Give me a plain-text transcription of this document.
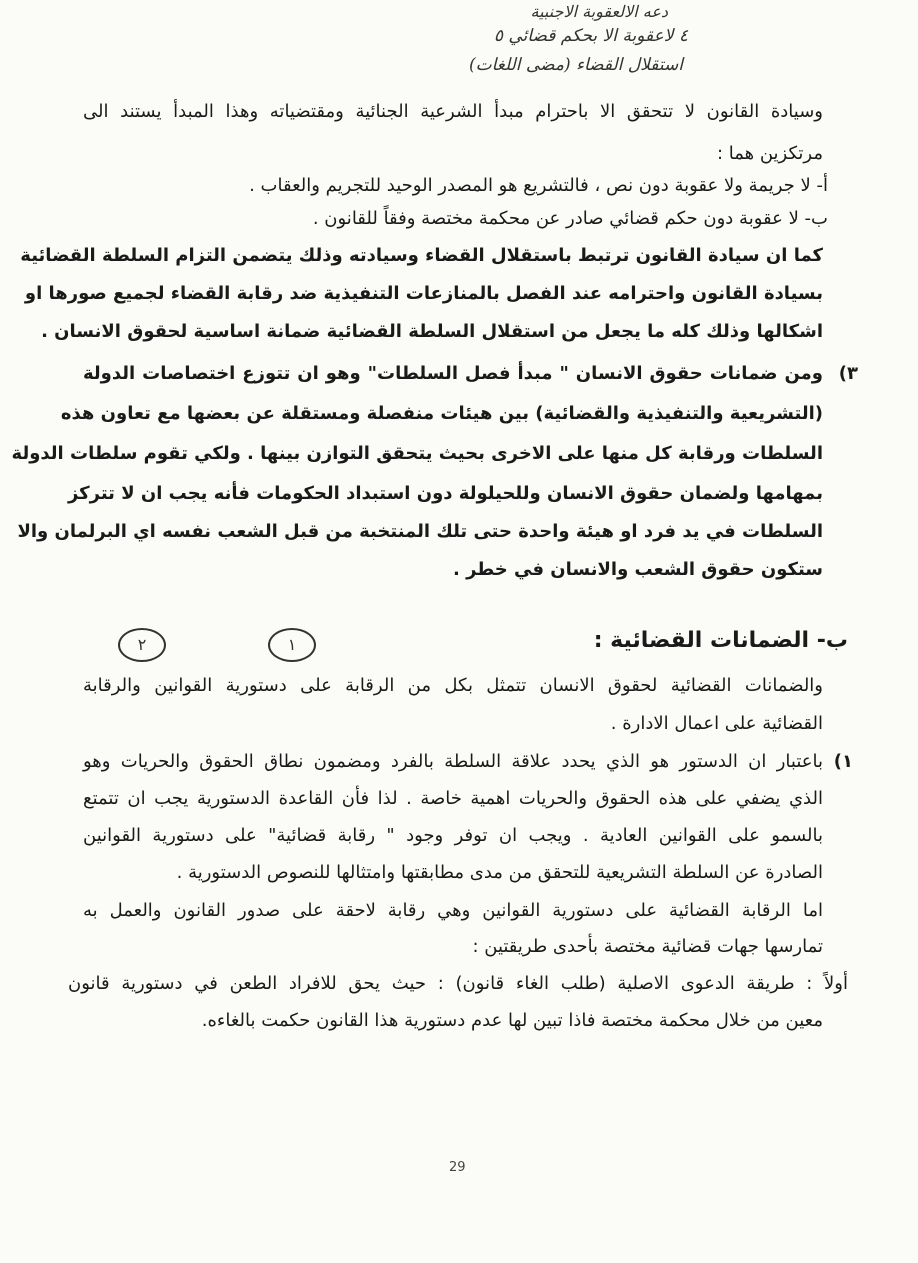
دعه الالعقوبة الاجنبية
٤ لاعقوبة الا بحكم قضائي ٥
استقلال القضاء (مضى اللغات)
وسيادة القانون لا تتحقق الا باحترام مبدأ الشرعية الجنائية ومقتضياته وهذا المبدأ يستند الى
مرتكزين هما :
أ- لا جريمة ولا عقوبة دون نص ، فالتشريع هو المصدر الوحيد للتجريم والعقاب .
ب- لا عقوبة دون حكم قضائي صادر عن محكمة مختصة وفقاً للقانون .
كما ان سيادة القانون ترتبط باستقلال القضاء وسيادته وذلك يتضمن التزام السلطة القضائية
بسيادة القانون واحترامه عند الفصل بالمنازعات التنفيذية ضد رقابة القضاء لجميع صورها او
اشكالها وذلك كله ما يجعل من استقلال السلطة القضائية ضمانة اساسية لحقوق الانسان .
٣)
ومن ضمانات حقوق الانسان " مبدأ فصل السلطات" وهو ان تتوزع اختصاصات الدولة
(التشريعية والتنفيذية والقضائية) بين هيئات منفصلة ومستقلة عن بعضها مع تعاون هذه
السلطات ورقابة كل منها على الاخرى بحيث يتحقق التوازن بينها . ولكي تقوم سلطات الدولة
بمهامها ولضمان حقوق الانسان وللحيلولة دون استبداد الحكومات فأنه يجب ان لا تتركز
السلطات في يد فرد او هيئة واحدة حتى تلك المنتخبة من قبل الشعب نفسه اي البرلمان والا
ستكون حقوق الشعب والانسان في خطر .
٢	١	ب- الضمانات القضائية :
والضمانات القضائية لحقوق الانسان تتمثل بكل من الرقابة على دستورية القوانين والرقابة
القضائية على اعمال الادارة .
١)
باعتبار ان الدستور هو الذي يحدد علاقة السلطة بالفرد ومضمون نطاق الحقوق والحريات وهو
الذي يضفي على هذه الحقوق والحريات اهمية خاصة . لذا فأن القاعدة الدستورية يجب ان تتمتع
بالسمو على القوانين العادية . ويجب ان توفر وجود " رقابة قضائية" على دستورية القوانين
الصادرة عن السلطة التشريعية للتحقق من مدى مطابقتها وامتثالها للنصوص الدستورية .
اما الرقابة القضائية على دستورية القوانين وهي رقابة لاحقة على صدور القانون والعمل به
تمارسها جهات قضائية مختصة بأحدى طريقتين :
أولاً : طريقة الدعوى الاصلية (طلب الغاء قانون) : حيث يحق للافراد الطعن في دستورية قانون
معين من خلال محكمة مختصة فاذا تبين لها عدم دستورية هذا القانون حكمت بالغاءه.
29
